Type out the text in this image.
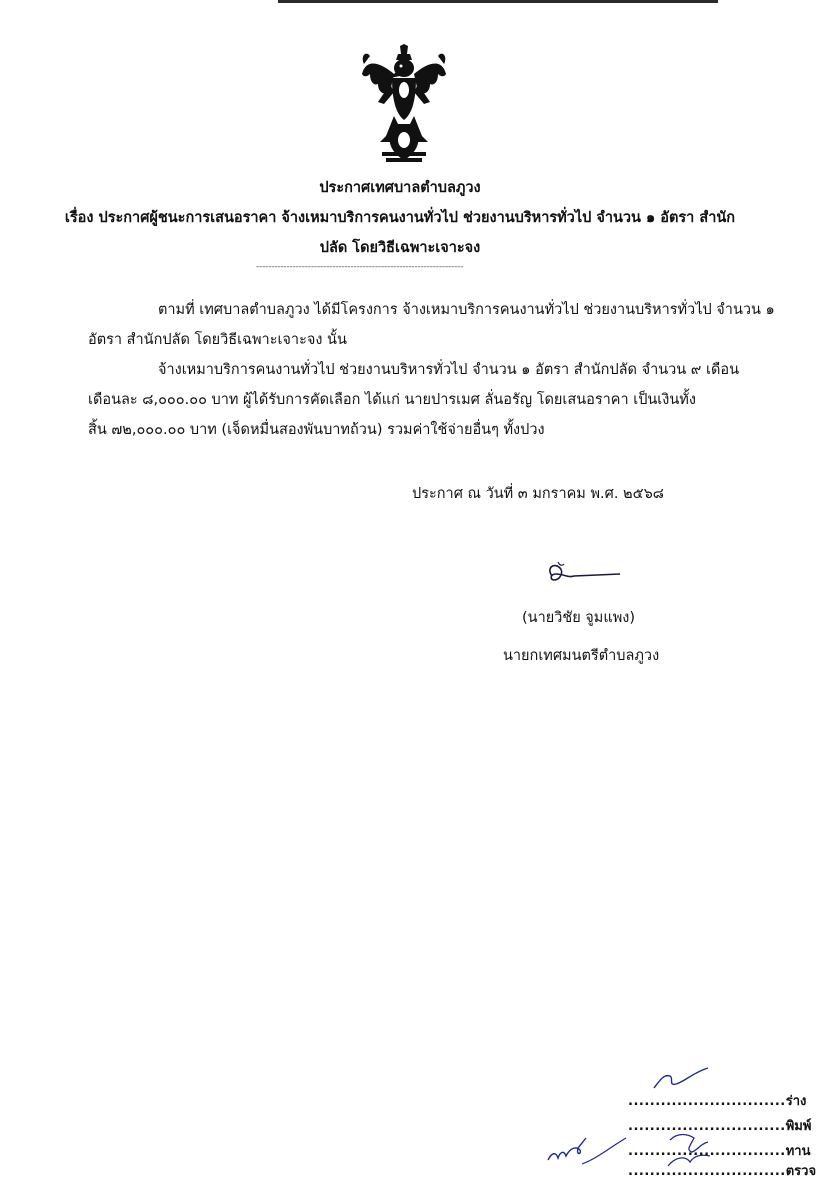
ประกาศเทศบาลตำบลภูวง
เรื่อง ประกาศผู้ชนะการเสนอราคา จ้างเหมาบริการคนงานทั่วไป ช่วยงานบริหารทั่วไป จำนวน ๑ อัตรา สำนัก
ปลัด โดยวิธีเฉพาะเจาะจง
--------------------------------------------------------------------
ตามที่ เทศบาลตำบลภูวง ได้มีโครงการ จ้างเหมาบริการคนงานทั่วไป ช่วยงานบริหารทั่วไป จำนวน ๑
อัตรา สำนักปลัด โดยวิธีเฉพาะเจาะจง นั้น
จ้างเหมาบริการคนงานทั่วไป ช่วยงานบริหารทั่วไป จำนวน ๑ อัตรา สำนักปลัด จำนวน ๙ เดือน
เดือนละ ๘,๐๐๐.๐๐ บาท ผู้ได้รับการคัดเลือก ได้แก่ นายปารเมศ ลั่นอรัญ โดยเสนอราคา เป็นเงินทั้ง
สิ้น ๗๒,๐๐๐.๐๐ บาท (เจ็ดหมื่นสองพันบาทถ้วน) รวมค่าใช้จ่ายอื่นๆ ทั้งปวง
ประกาศ ณ วันที่ ๓ มกราคม พ.ศ. ๒๕๖๘
(นายวิชัย จูมแพง)
นายกเทศมนตรีตำบลภูวง
.............................ร่าง
.............................พิมพ์
.............................ทาน
.............................ตรวจ
